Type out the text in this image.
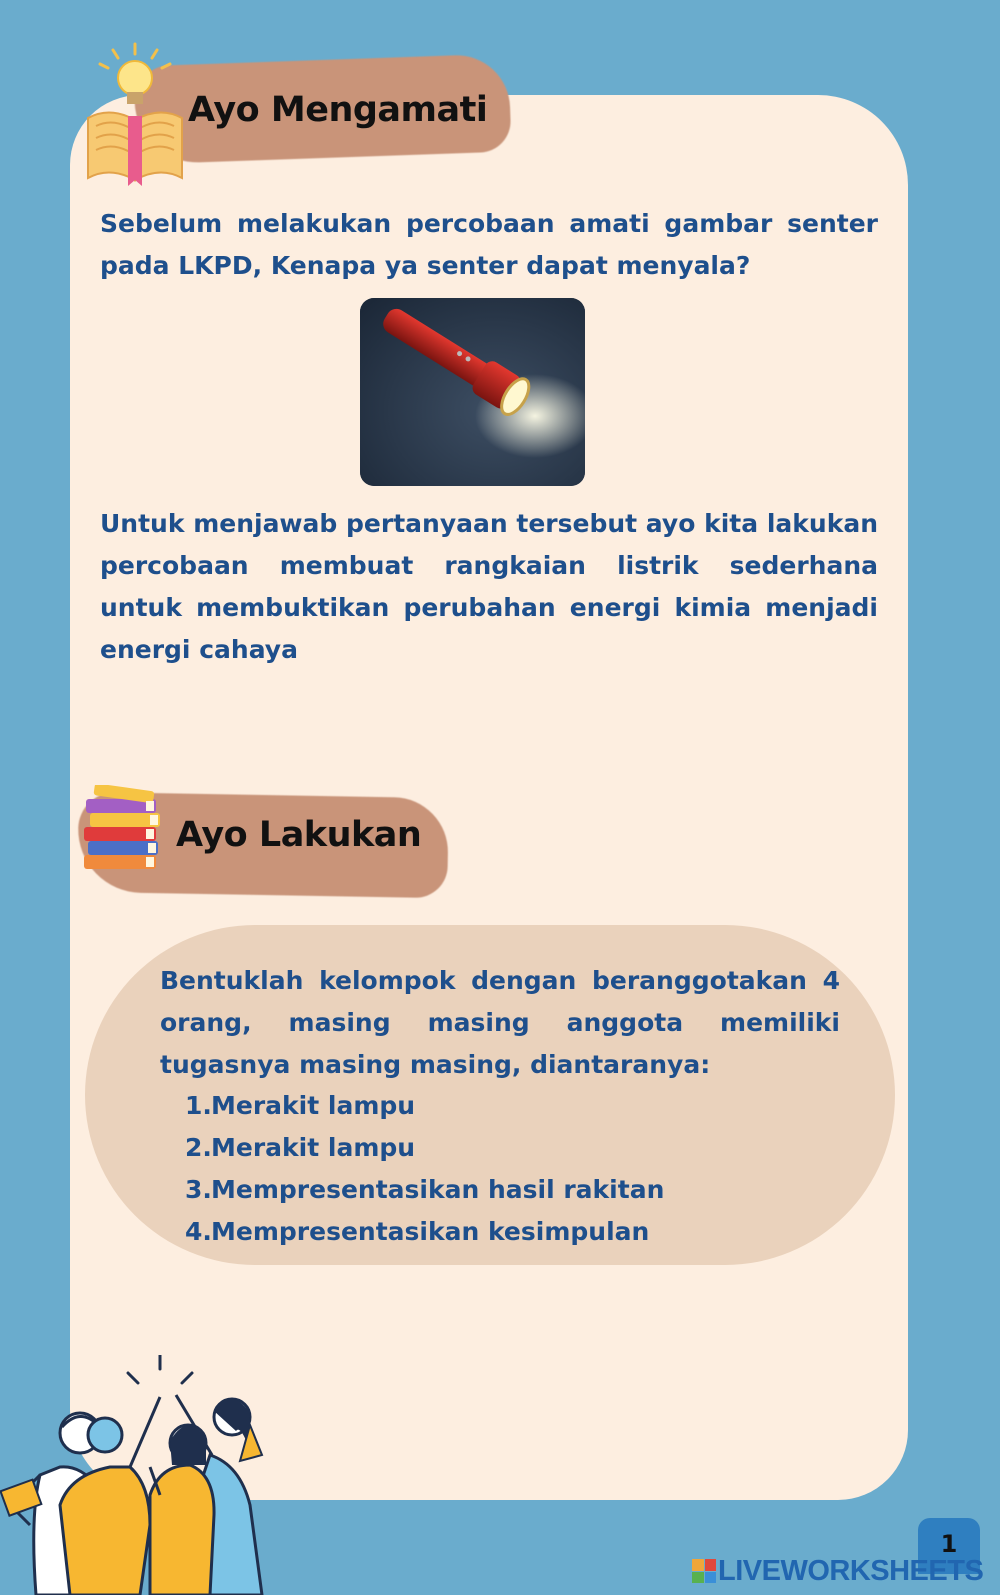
Ayo Mengamati
Sebelum melakukan percobaan amati gambar senter pada LKPD, Kenapa ya senter dapat menyala?
Untuk menjawab pertanyaan tersebut ayo kita lakukan percobaan membuat rangkaian listrik sederhana untuk membuktikan perubahan energi kimia menjadi energi cahaya
Ayo Lakukan
Bentuklah kelompok dengan beranggotakan 4 orang, masing masing anggota memiliki tugasnya masing masing, diantaranya:
1.Merakit lampu
2.Merakit lampu
3.Mempresentasikan hasil rakitan
4.Mempresentasikan kesimpulan
1
LIVEWORKSHEETS
